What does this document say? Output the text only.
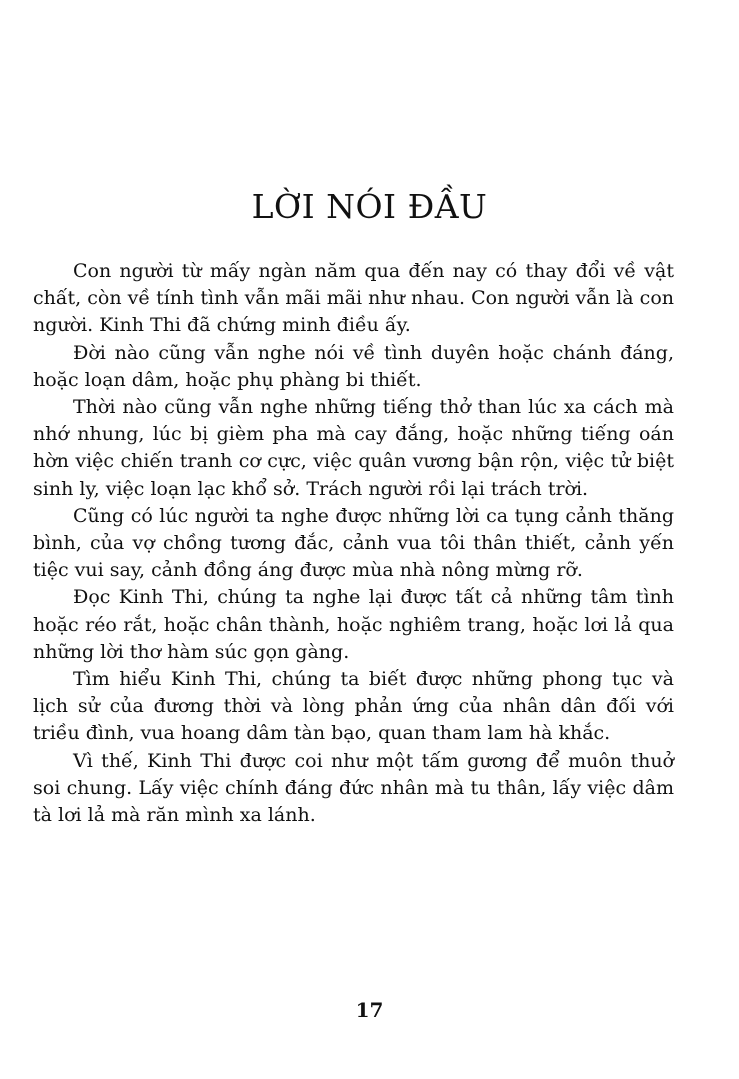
LỜI NÓI ĐẦU

Con người từ mấy ngàn năm qua đến nay có thay đổi về vật chất, còn về tính tình vẫn mãi mãi như nhau. Con người vẫn là con người. Kinh Thi đã chứng minh điều ấy.

Đời nào cũng vẫn nghe nói về tình duyên hoặc chánh đáng, hoặc loạn dâm, hoặc phụ phàng bi thiết.

Thời nào cũng vẫn nghe những tiếng thở than lúc xa cách mà nhớ nhung, lúc bị gièm pha mà cay đắng, hoặc những tiếng oán hờn việc chiến tranh cơ cực, việc quân vương bận rộn, việc tử biệt sinh ly, việc loạn lạc khổ sở. Trách người rồi lại trách trời.

Cũng có lúc người ta nghe được những lời ca tụng cảnh thăng bình, của vợ chồng tương đắc, cảnh vua tôi thân thiết, cảnh yến tiệc vui say, cảnh đồng áng được mùa nhà nông mừng rỡ.

Đọc Kinh Thi, chúng ta nghe lại được tất cả những tâm tình hoặc réo rắt, hoặc chân thành, hoặc nghiêm trang, hoặc lơi lả qua những lời thơ hàm súc gọn gàng.

Tìm hiểu Kinh Thi, chúng ta biết được những phong tục và lịch sử của đương thời và lòng phản ứng của nhân dân đối với triều đình, vua hoang dâm tàn bạo, quan tham lam hà khắc.

Vì thế, Kinh Thi được coi như một tấm gương để muôn thuở soi chung. Lấy việc chính đáng đức nhân mà tu thân, lấy việc dâm tà lơi lả mà răn mình xa lánh.

17
